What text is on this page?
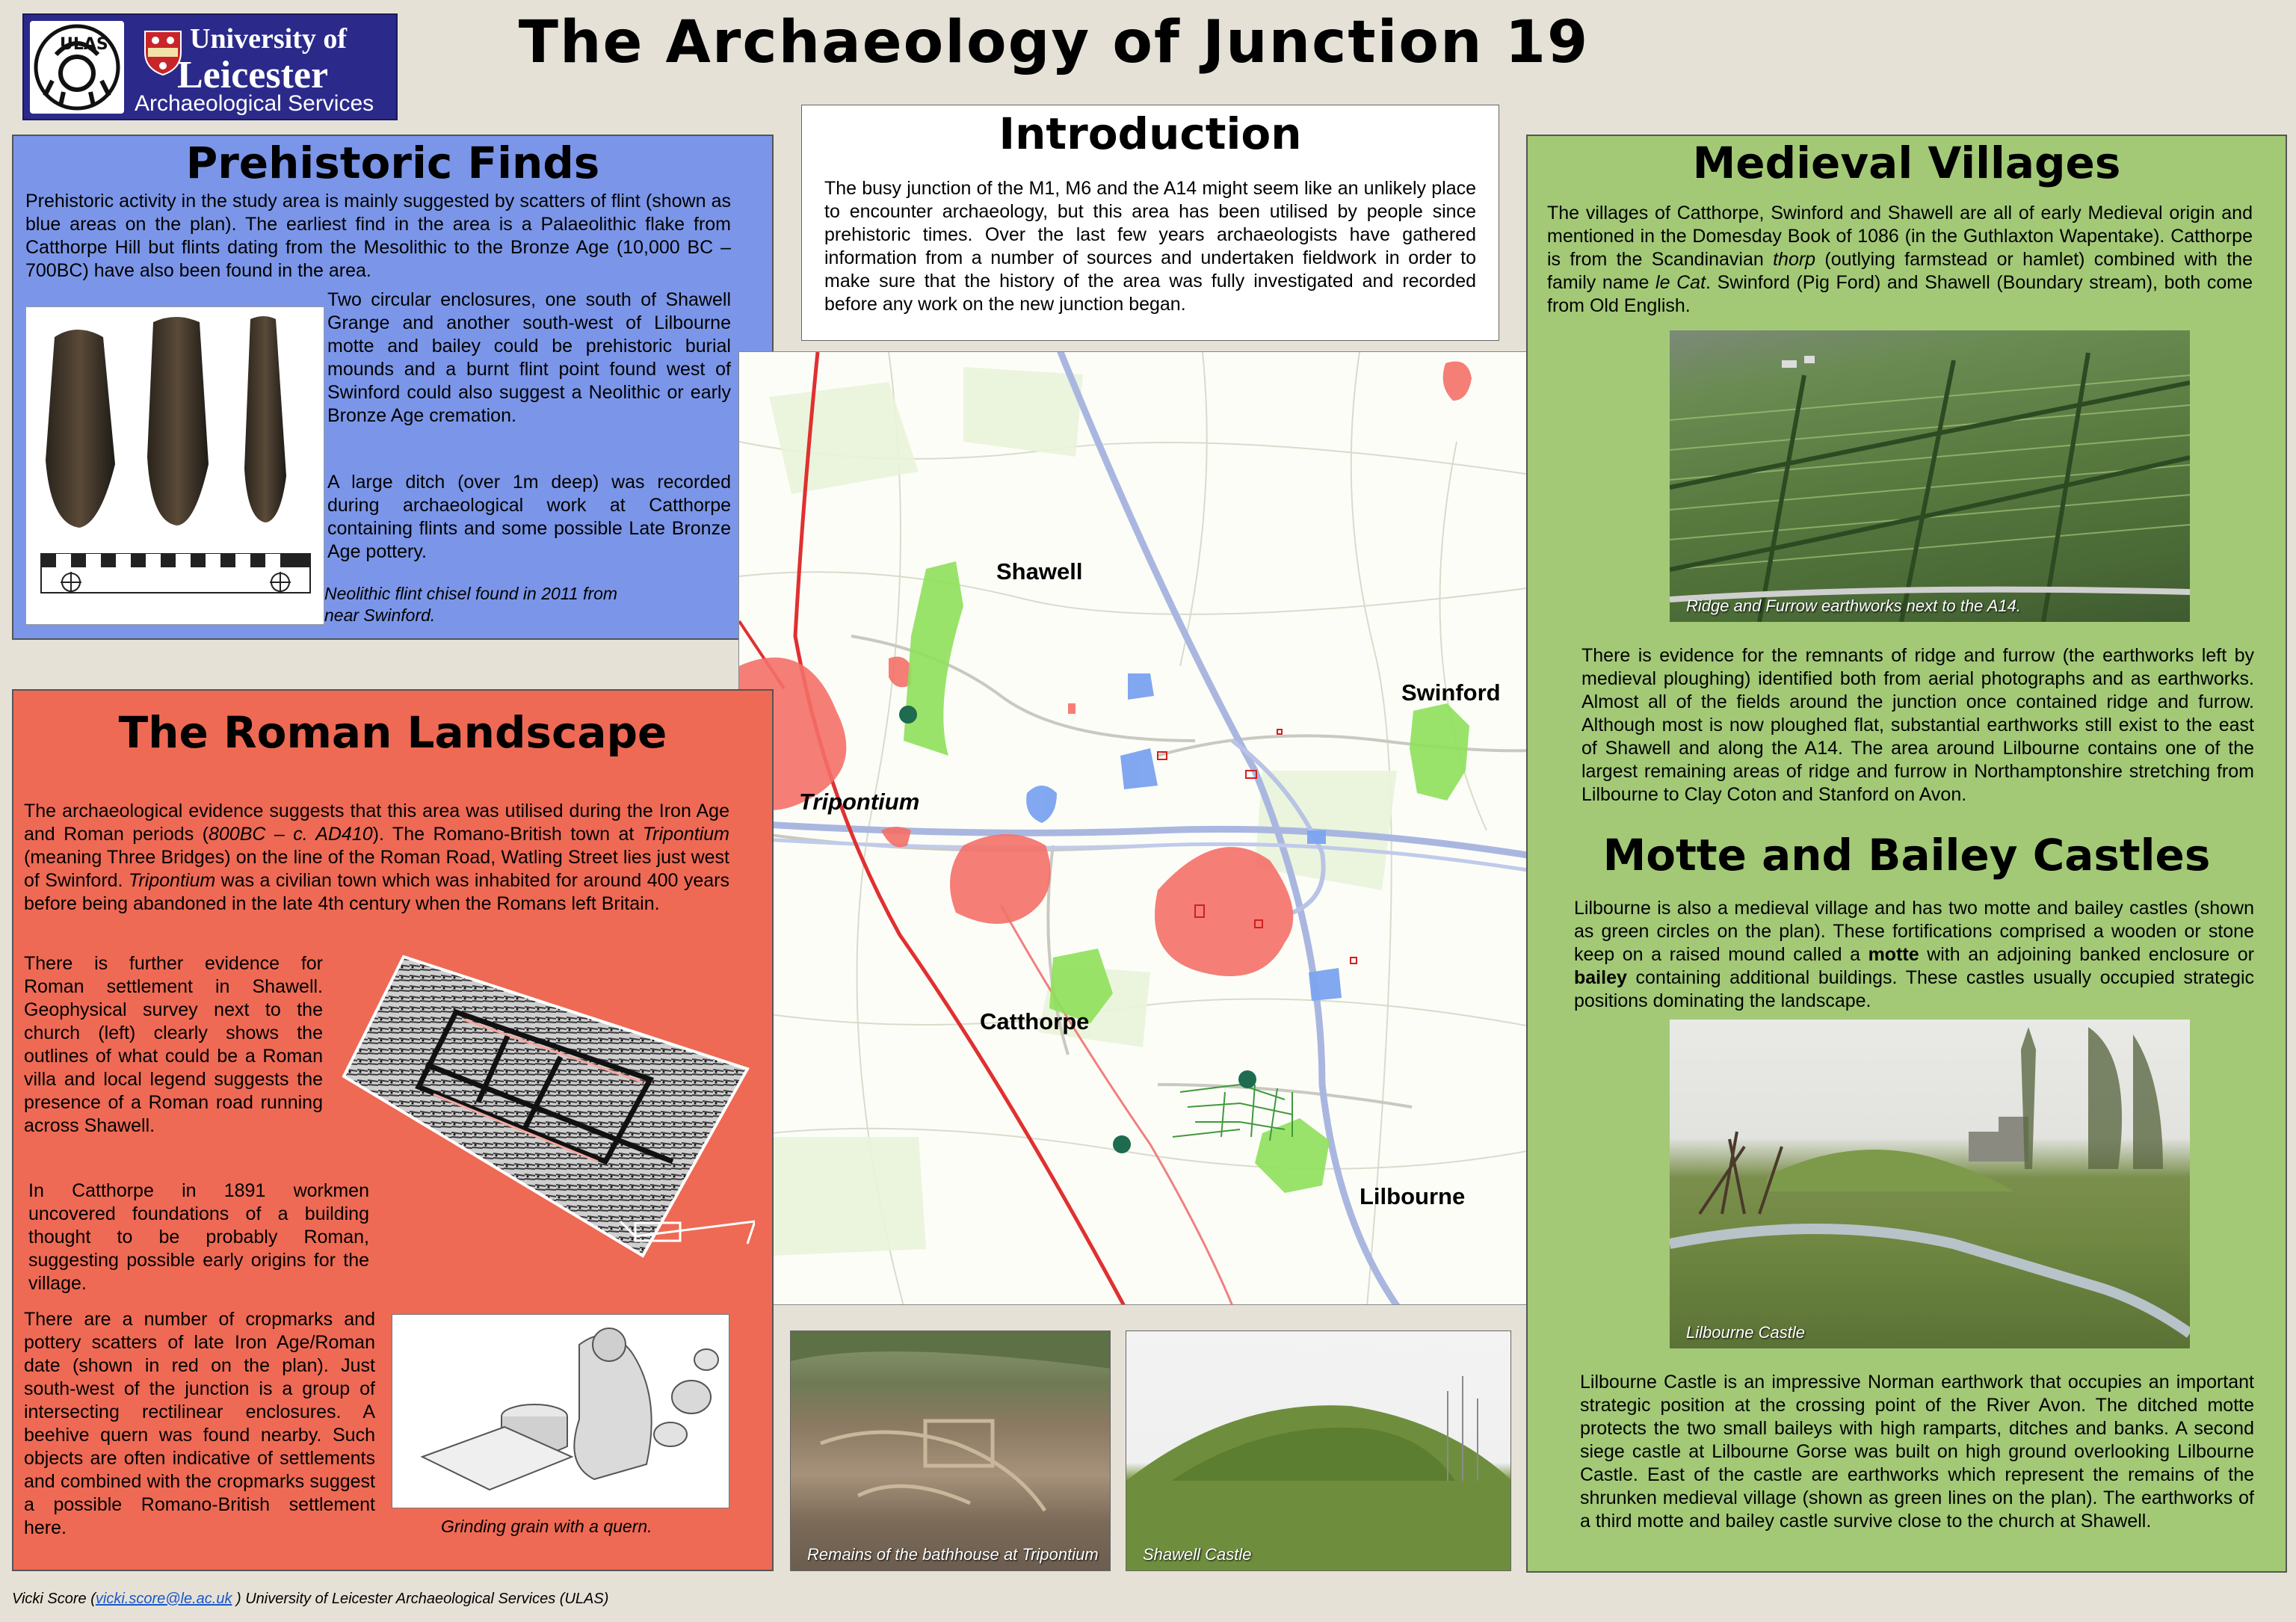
ULAS	University of
Leicester
Archaeological Services
The Archaeology of Junction 19
Prehistoric Finds

Prehistoric activity in the study area is mainly suggested by scatters of flint (shown as blue areas on the plan). The earliest find in the area is a Palaeolithic flake from Catthorpe Hill but flints dating from the Mesolithic to the Bronze Age (10,000 BC – 700BC) have also been found in the area.

Two circular enclosures, one south of Shawell Grange and another south-west of Lilbourne motte and bailey could be prehistoric burial mounds and a burnt flint point found west of Swinford could also suggest a Neolithic or early Bronze Age cremation.

A large ditch (over 1m deep) was recorded during archaeological work at Catthorpe containing flints and some possible Late Bronze Age pottery.

Neolithic flint chisel found in 2011 from
near Swinford.
Introduction

The busy junction of the M1, M6 and the A14 might seem like an unlikely place to encounter archaeology, but this area has been utilised by people since prehistoric times. Over the last few years archaeologists have gathered information from a number of sources and undertaken fieldwork in order to make sure that the history of the area was fully investigated and recorded before any work on the new junction began.

Shawell
Swinford
Tripontium
Catthorpe
Lilbourne
The Roman Landscape

The archaeological evidence suggests that this area was utilised during the Iron Age and Roman periods (800BC – c. AD410). The Romano-British town at Tripontium (meaning Three Bridges) on the line of the Roman Road, Watling Street lies just west of Swinford. Tripontium was a civilian town which was inhabited for around 400 years before being abandoned in the late 4th century when the Romans left Britain.

There is further evidence for Roman settlement in Shawell. Geophysical survey next to the church (left) clearly shows the outlines of what could be a Roman villa and local legend suggests the presence of a Roman road running across Shawell.

In Catthorpe in 1891 workmen uncovered foundations of a building thought to be probably Roman, suggesting possible early origins for the village.

There are a number of cropmarks and pottery scatters of late Iron Age/Roman date (shown in red on the plan). Just south-west of the junction is a group of intersecting rectilinear enclosures. A beehive quern was found nearby. Such objects are often indicative of settlements and combined with the cropmarks suggest a possible Romano-British settlement here.	Grinding grain with a quern.
Remains of the bathhouse at Tripontium	Shawell Castle
Medieval Villages

The villages of Catthorpe, Swinford and Shawell are all of early Medieval origin and mentioned in the Domesday Book of 1086 (in the Guthlaxton Wapentake). Catthorpe is from the Scandinavian thorp (outlying farmstead or hamlet) combined with the family name le Cat. Swinford (Pig Ford) and Shawell (Boundary stream), both come from Old English.

Ridge and Furrow earthworks next to the A14.

There is evidence for the remnants of ridge and furrow (the earthworks left by medieval ploughing) identified both from aerial photographs and as earthworks. Almost all of the fields around the junction once contained ridge and furrow. Although most is now ploughed flat, substantial earthworks still exist to the east of Shawell and along the A14. The area around Lilbourne contains one of the largest remaining areas of ridge and furrow in Northamptonshire stretching from Lilbourne to Clay Coton and Stanford on Avon.

Motte and Bailey Castles

Lilbourne is also a medieval village and has two motte and bailey castles (shown as green circles on the plan). These fortifications comprised a wooden or stone keep on a raised mound called a motte with an adjoining banked enclosure or bailey containing additional buildings. These castles usually occupied strategic positions dominating the landscape.

Lilbourne Castle

Lilbourne Castle is an impressive Norman earthwork that occupies an important strategic position at the crossing point of the River Avon. The ditched motte protects the two small baileys with high ramparts, ditches and banks. A second siege castle at Lilbourne Gorse was built on high ground overlooking Lilbourne Castle. East of the castle are earthworks which represent the remains of the shrunken medieval village (shown as green lines on the plan). The earthworks of a third motte and bailey castle survive close to the church at Shawell.

Vicki Score (vicki.score@le.ac.uk ) University of Leicester Archaeological Services (ULAS)
